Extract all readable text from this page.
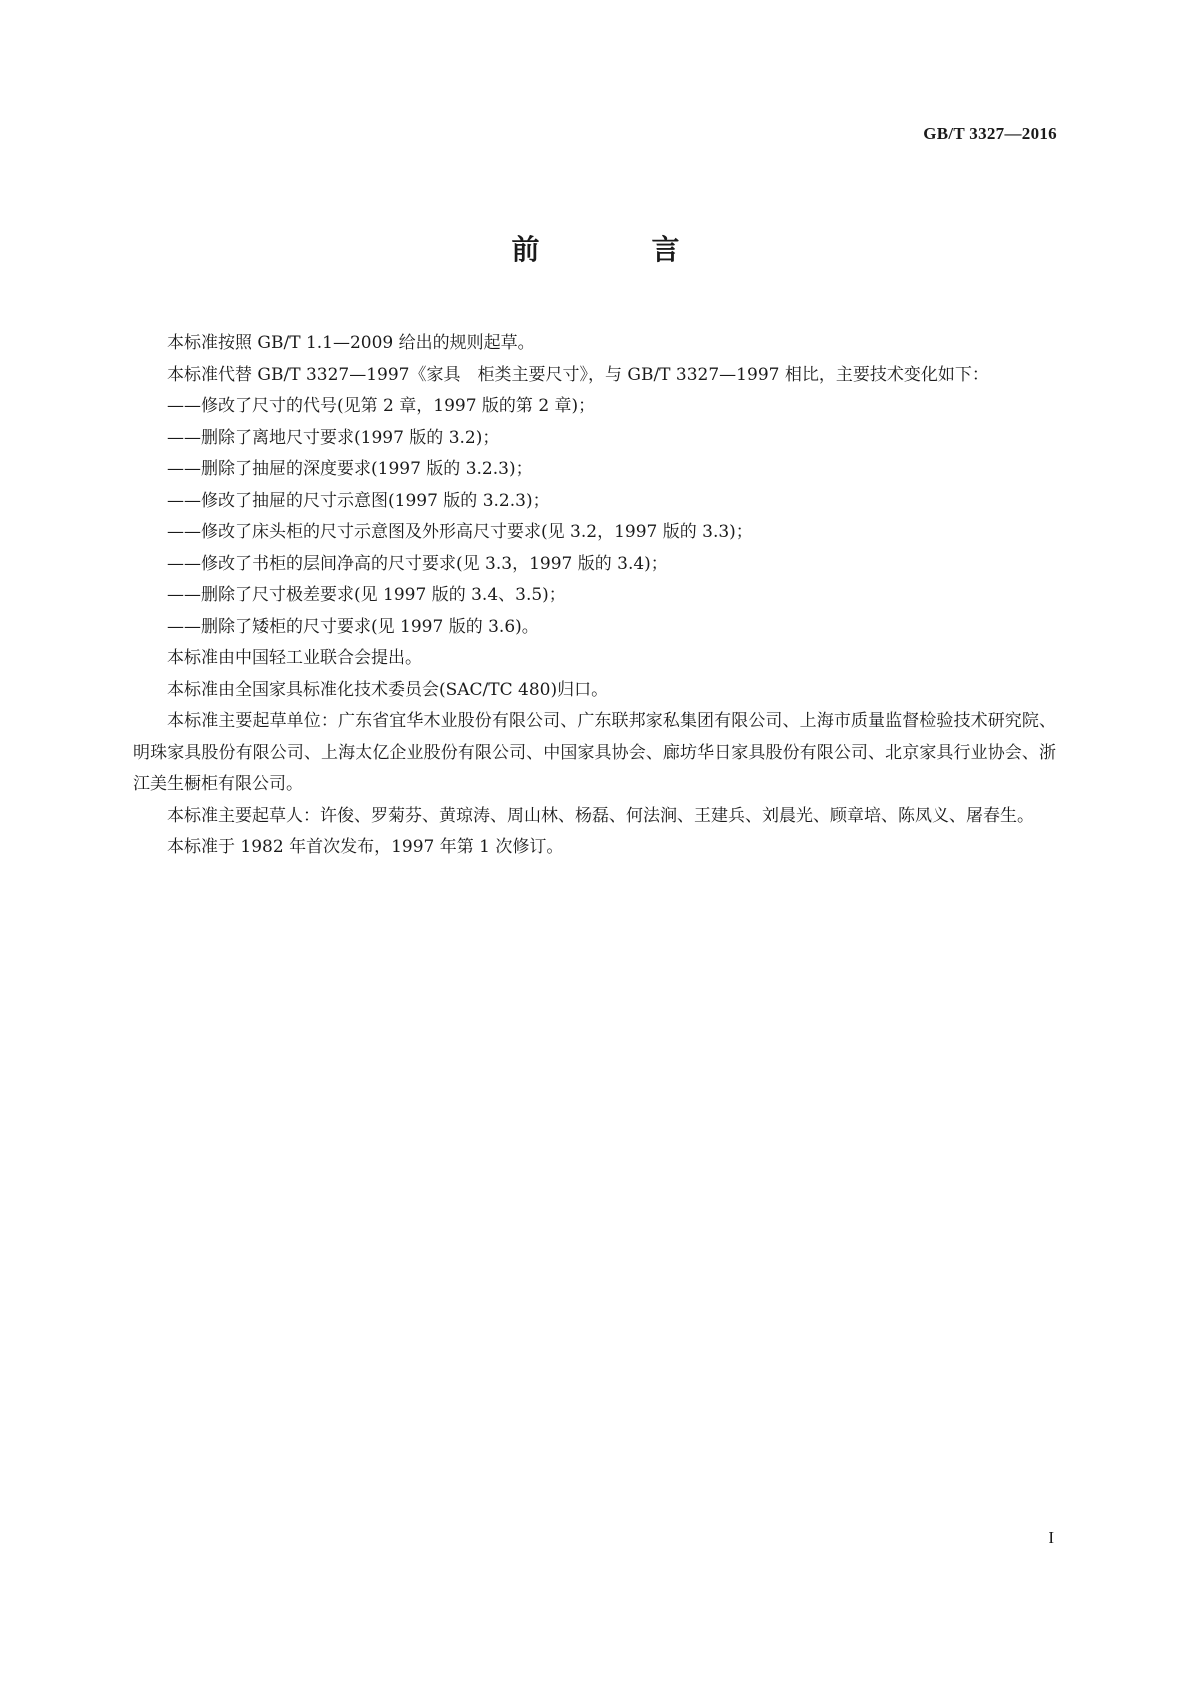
GB/T 3327—2016
前　言

本标准按照 GB/T 1.1—2009 给出的规则起草。

本标准代替 GB/T 3327—1997《家具　柜类主要尺寸》，与 GB/T 3327—1997 相比，主要技术变化如下：

——修改了尺寸的代号(见第 2 章，1997 版的第 2 章)；

——删除了离地尺寸要求(1997 版的 3.2)；

——删除了抽屉的深度要求(1997 版的 3.2.3)；

——修改了抽屉的尺寸示意图(1997 版的 3.2.3)；

——修改了床头柜的尺寸示意图及外形高尺寸要求(见 3.2，1997 版的 3.3)；

——修改了书柜的层间净高的尺寸要求(见 3.3，1997 版的 3.4)；

——删除了尺寸极差要求(见 1997 版的 3.4、3.5)；

——删除了矮柜的尺寸要求(见 1997 版的 3.6)。

本标准由中国轻工业联合会提出。

本标准由全国家具标准化技术委员会(SAC/TC 480)归口。

本标准主要起草单位：广东省宜华木业股份有限公司、广东联邦家私集团有限公司、上海市质量监督检验技术研究院、明珠家具股份有限公司、上海太亿企业股份有限公司、中国家具协会、廊坊华日家具股份有限公司、北京家具行业协会、浙江美生橱柜有限公司。

本标准主要起草人：许俊、罗菊芬、黄琼涛、周山林、杨磊、何法涧、王建兵、刘晨光、顾章培、陈凤义、屠春生。

本标准于 1982 年首次发布，1997 年第 1 次修订。

I
